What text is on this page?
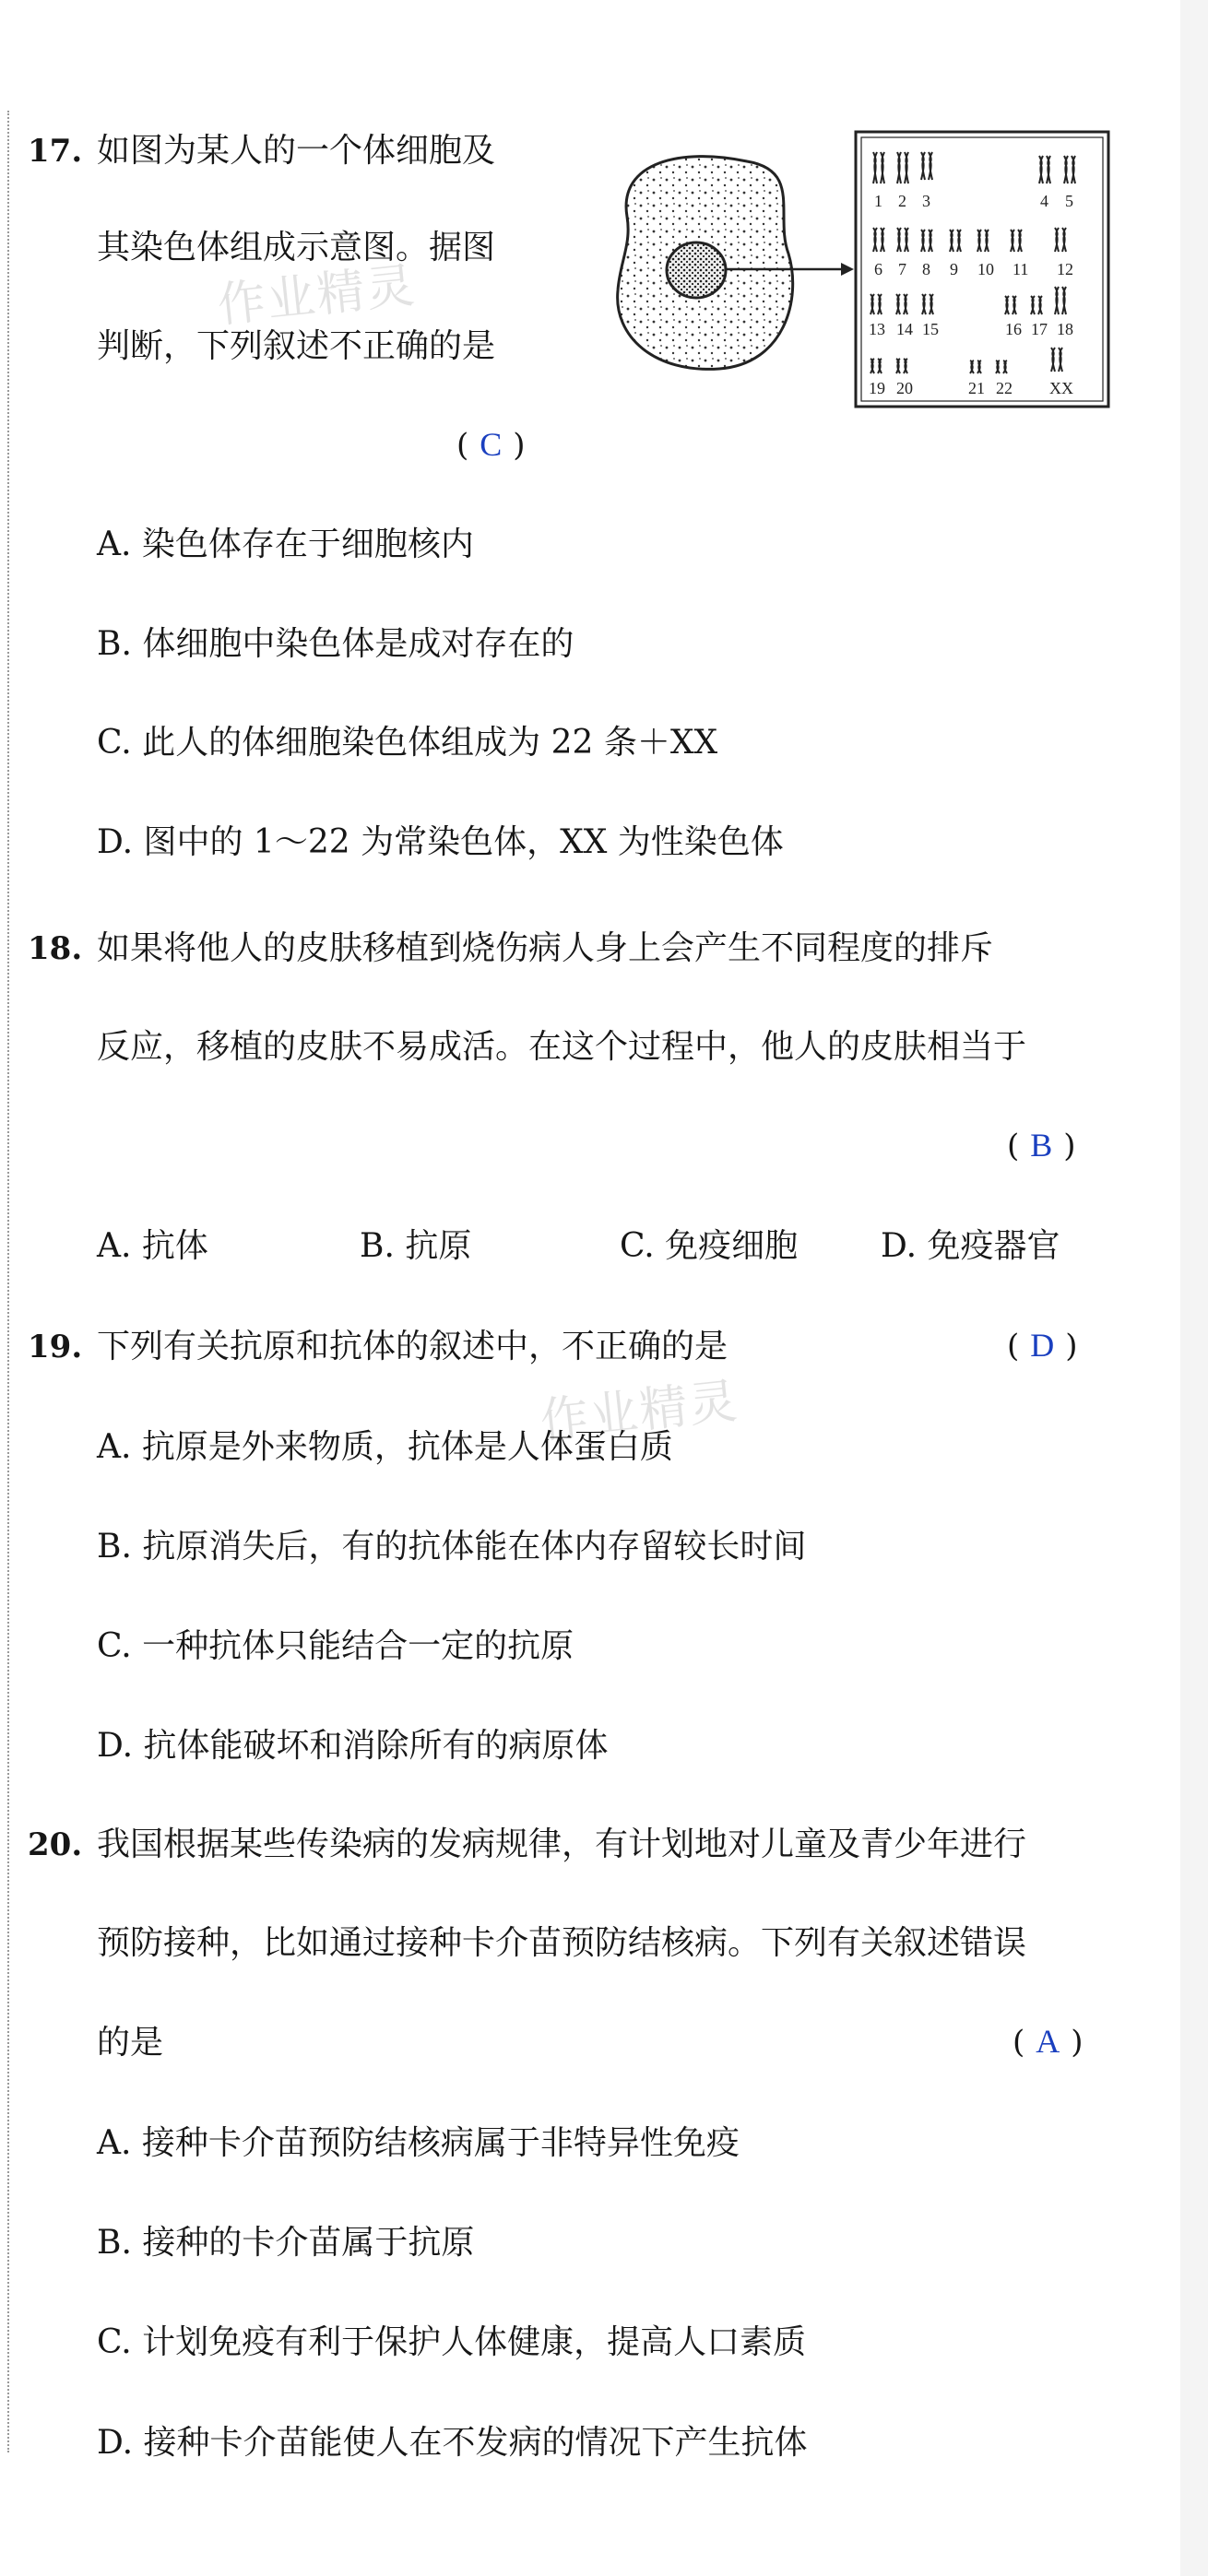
作业精灵
作业精灵
17. 如图为某人的一个体细胞及
其染色体组成示意图。据图
判断，下列叙述不正确的是
( C )
1 2 3	4 5
6 7 8 9 10 11 12
13 14 15	16 17 18
19 20	21 22 XX
A. 染色体存在于细胞核内
B. 体细胞中染色体是成对存在的
C. 此人的体细胞染色体组成为 22 条＋XX
D. 图中的 1～22 为常染色体，XX 为性染色体
18. 如果将他人的皮肤移植到烧伤病人身上会产生不同程度的排斥
反应，移植的皮肤不易成活。在这个过程中，他人的皮肤相当于
( B )
A. 抗体	B. 抗原	C. 免疫细胞 D. 免疫器官
19. 下列有关抗原和抗体的叙述中，不正确的是	( D )
A. 抗原是外来物质，抗体是人体蛋白质
B. 抗原消失后，有的抗体能在体内存留较长时间
C. 一种抗体只能结合一定的抗原
D. 抗体能破坏和消除所有的病原体
20. 我国根据某些传染病的发病规律，有计划地对儿童及青少年进行
预防接种，比如通过接种卡介苗预防结核病。下列有关叙述错误
的是	( A )
A. 接种卡介苗预防结核病属于非特异性免疫
B. 接种的卡介苗属于抗原
C. 计划免疫有利于保护人体健康，提高人口素质
D. 接种卡介苗能使人在不发病的情况下产生抗体
